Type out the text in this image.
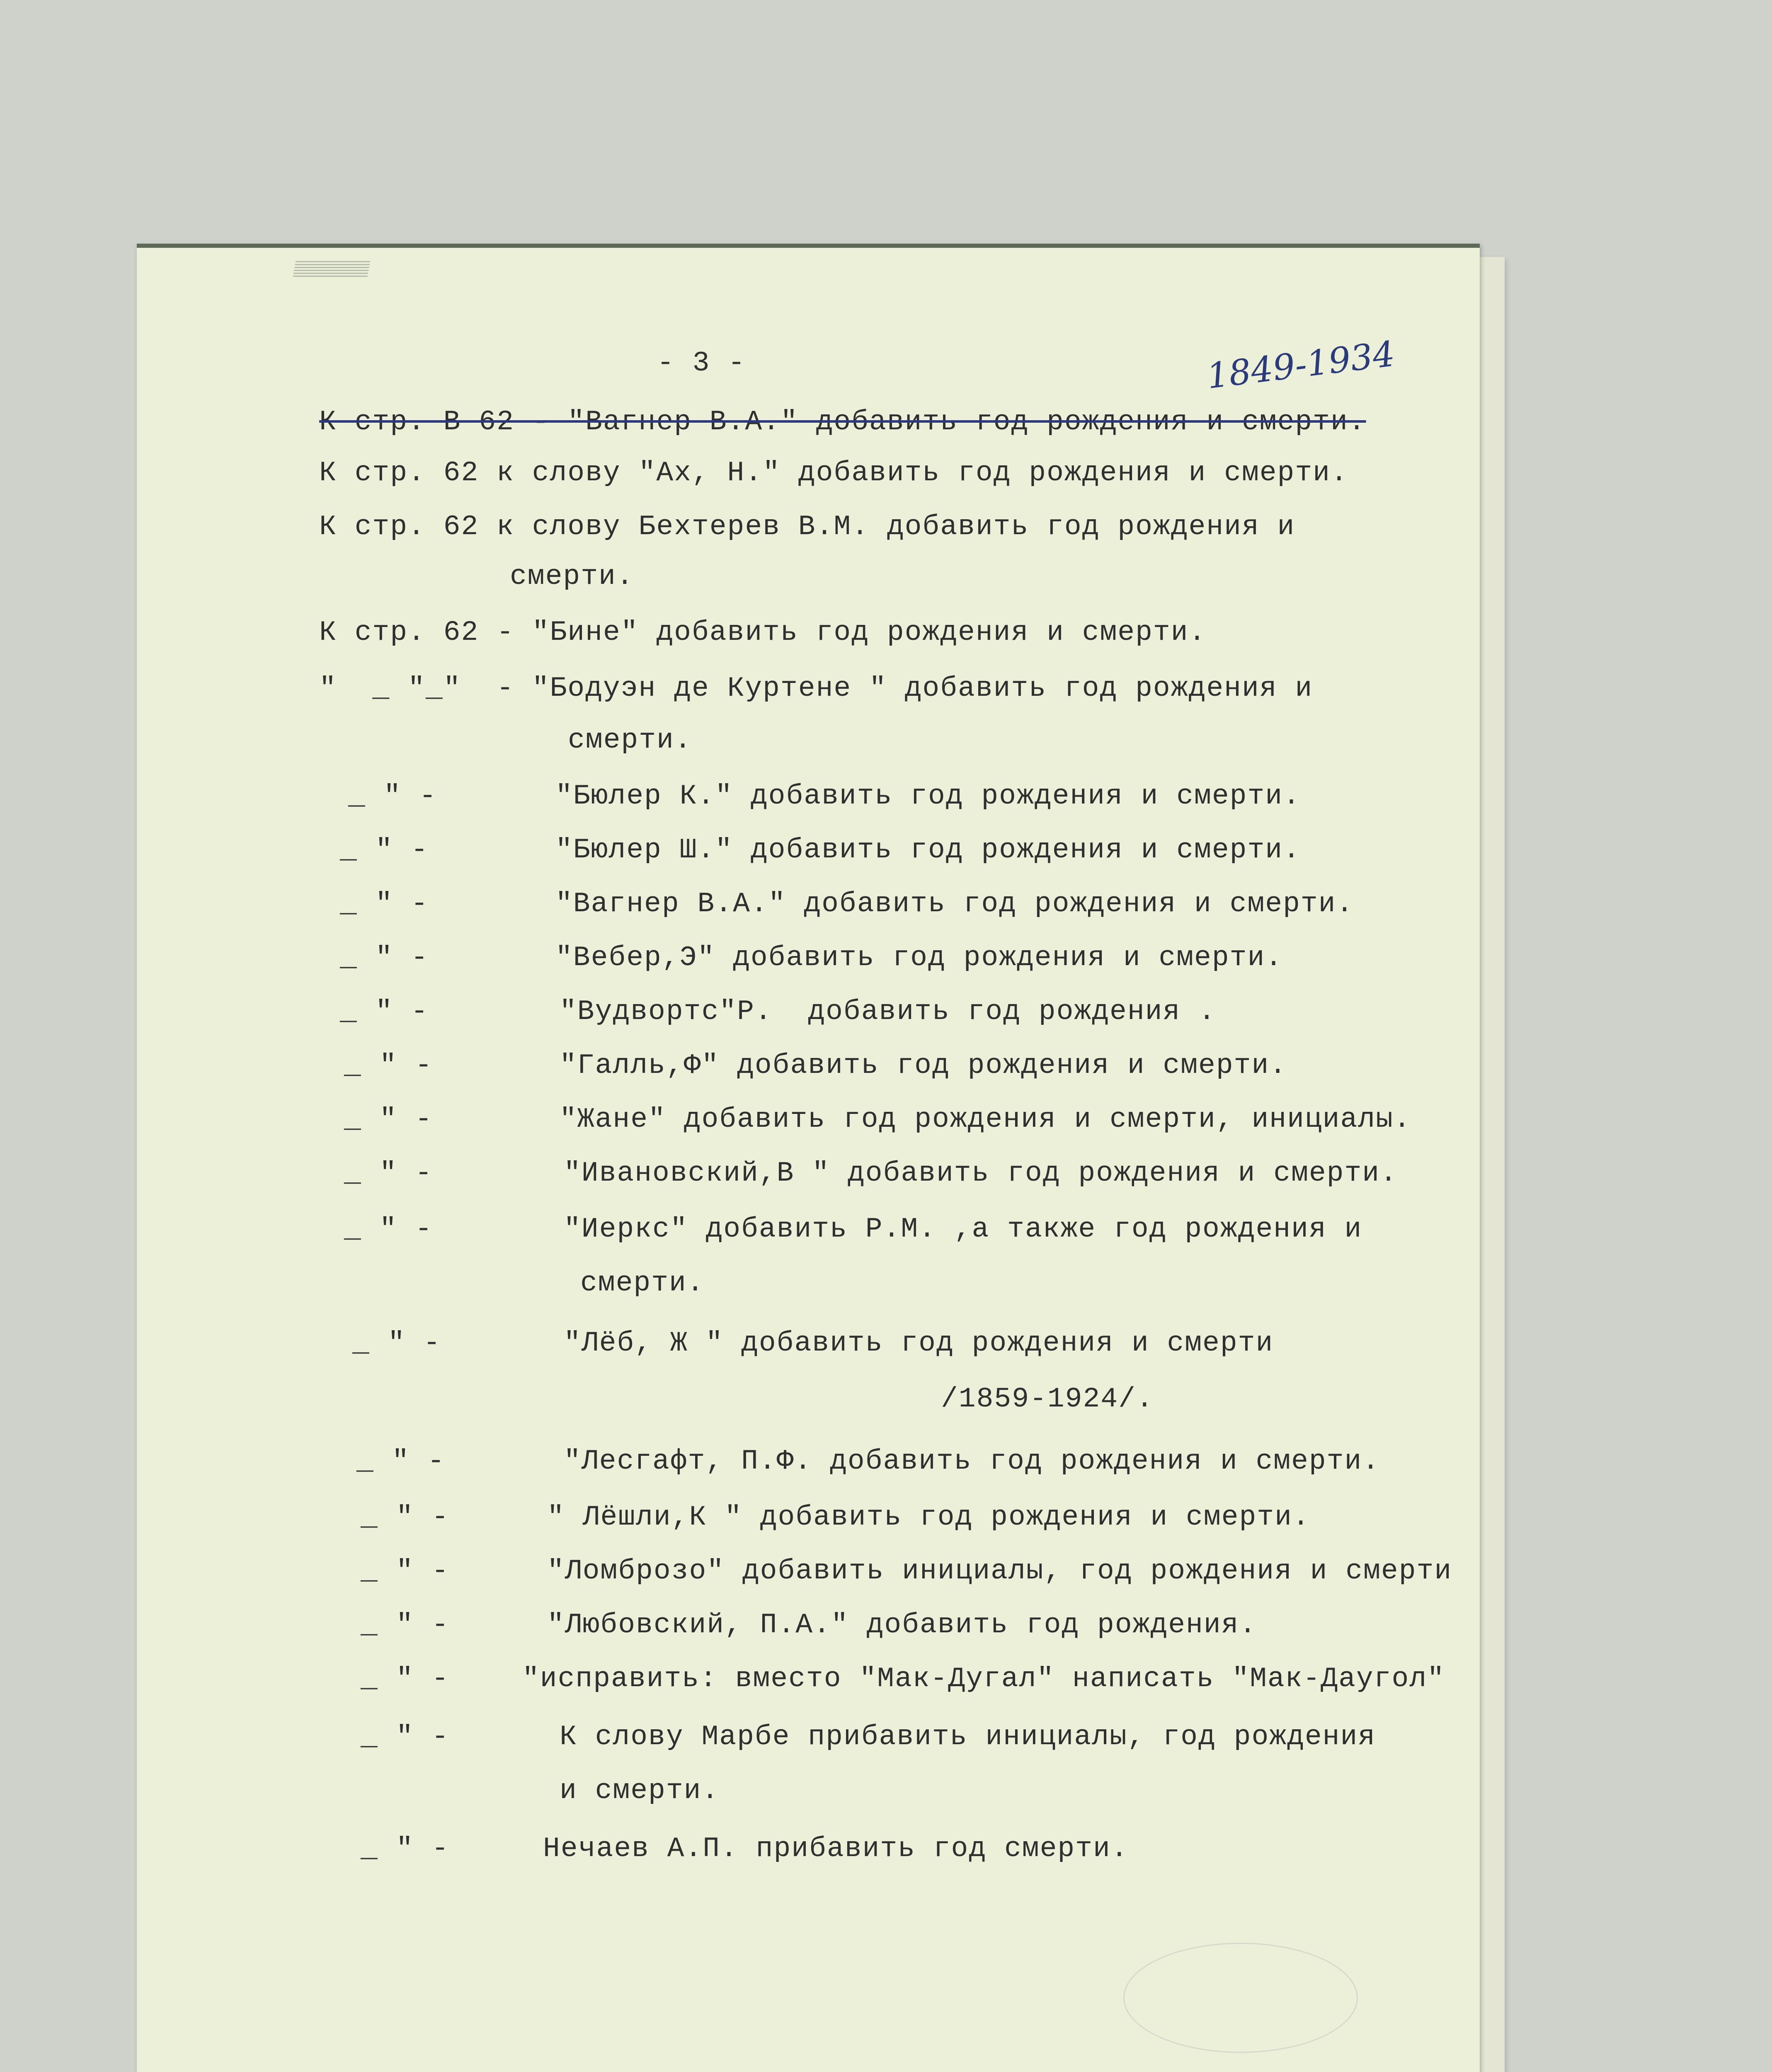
- 3 -	1849-1934

К стр. В 62 - "Вагнер В.А." добавить год рождения и смерти.

К стр. 62 к слову "Ах, Н." добавить год рождения и смерти.

К стр. 62 к слову Бехтерев В.М. добавить год рождения и

смерти.

К стр. 62 - "Бине" добавить год рождения и смерти.

"  _ "_"  - "Бодуэн де Куртене " добавить год рождения и

смерти.

_ " -	"Бюлер К." добавить год рождения и смерти.

_ " -	"Бюлер Ш." добавить год рождения и смерти.

_ " -	"Вагнер В.А." добавить год рождения и смерти.

_ " -	"Вебер,Э" добавить год рождения и смерти.

_ " -	"Вудвортс"Р.  добавить год рождения .

_ " -	"Галль,Ф" добавить год рождения и смерти.

_ " -	"Жане" добавить год рождения и смерти, инициалы.

_ " -	"Ивановский,В " добавить год рождения и смерти.

_ " -	"Иеркс" добавить Р.М. ,а также год рождения и

смерти.

_ " -	"Лёб, Ж " добавить год рождения и смерти

/1859-1924/.

_ " -	"Лесгафт, П.Ф. добавить год рождения и смерти.

_ " -	" Лёшли,К " добавить год рождения и смерти.

_ " -	"Ломброзо" добавить инициалы, год рождения и смерти

_ " -	"Любовский, П.А." добавить год рождения.

_ " -	"исправить: вместо "Мак-Дугал" написать "Мак-Даугол"

_ " -	К слову Марбе прибавить инициалы, год рождения

и смерти.

_ " -	Нечаев А.П. прибавить год смерти.
